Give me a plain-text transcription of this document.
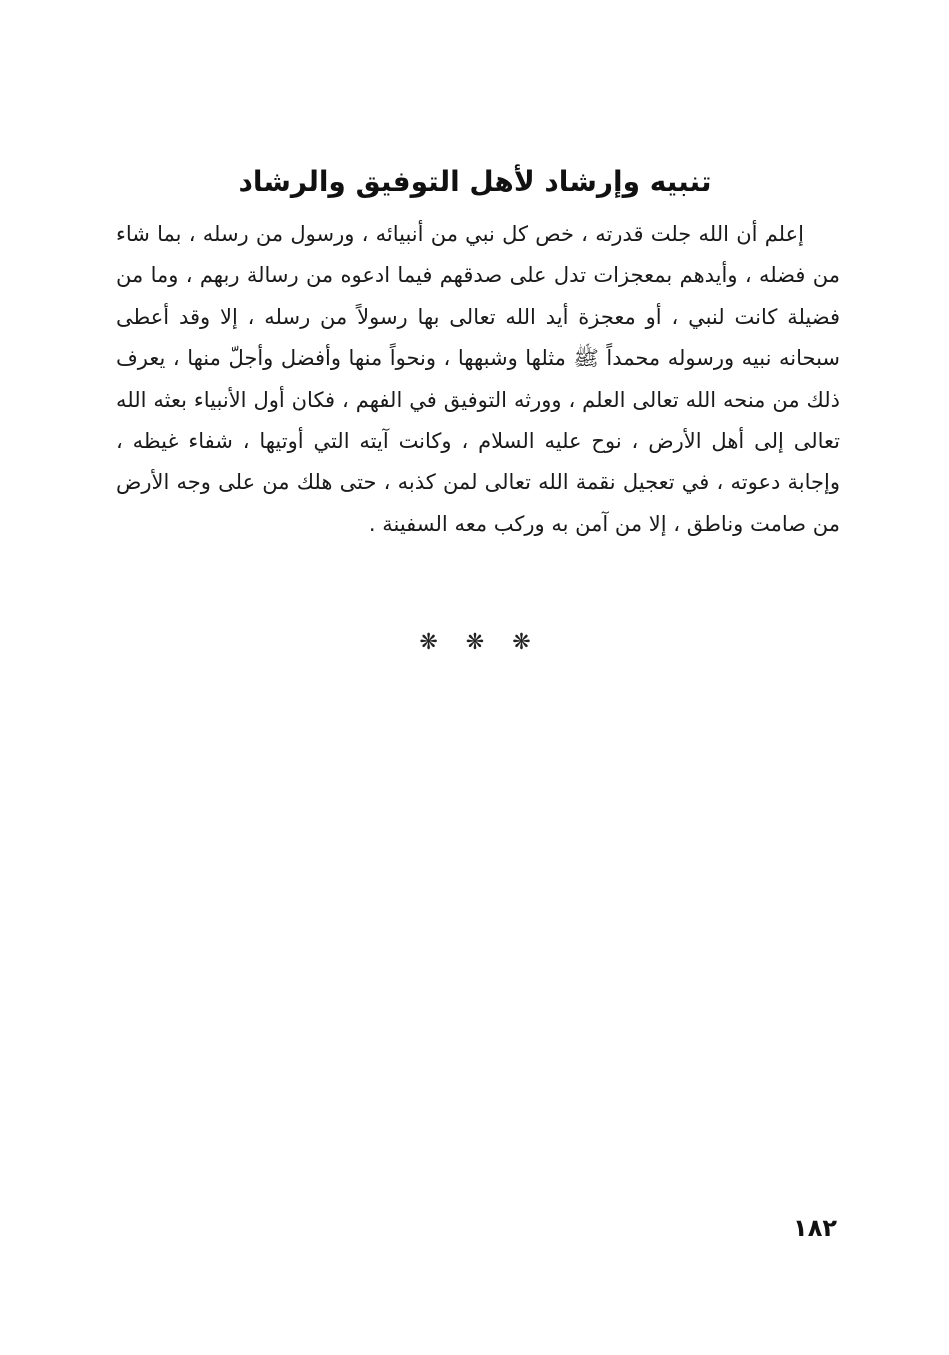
تنبيه وإرشاد لأهل التوفيق والرشاد

إعلم أن الله جلت قدرته ، خص كل نبي من أنبيائه ، ورسول من رسله ، بما شاء من فضله ، وأيدهم بمعجزات تدل على صدقهم فيما ادعوه من رسالة ربهم ، وما من فضيلة كانت لنبي ، أو معجزة أيد الله تعالى بها رسولاً من رسله ، إلا وقد أعطى سبحانه نبيه ورسوله محمداً ﷺ مثلها وشبهها ، ونحواً منها وأفضل وأجلّ منها ، يعرف ذلك من منحه الله تعالى العلم ، وورثه التوفيق في الفهم ، فكان أول الأنبياء بعثه الله تعالى إلى أهل الأرض ، نوح عليه السلام ، وكانت آيته التي أوتيها ، شفاء غيظه ، وإجابة دعوته ، في تعجيل نقمة الله تعالى لمن كذبه ، حتى هلك من على وجه الأرض من صامت وناطق ، إلا من آمن به وركب معه السفينة .

❋ ❋ ❋
١٨٢
